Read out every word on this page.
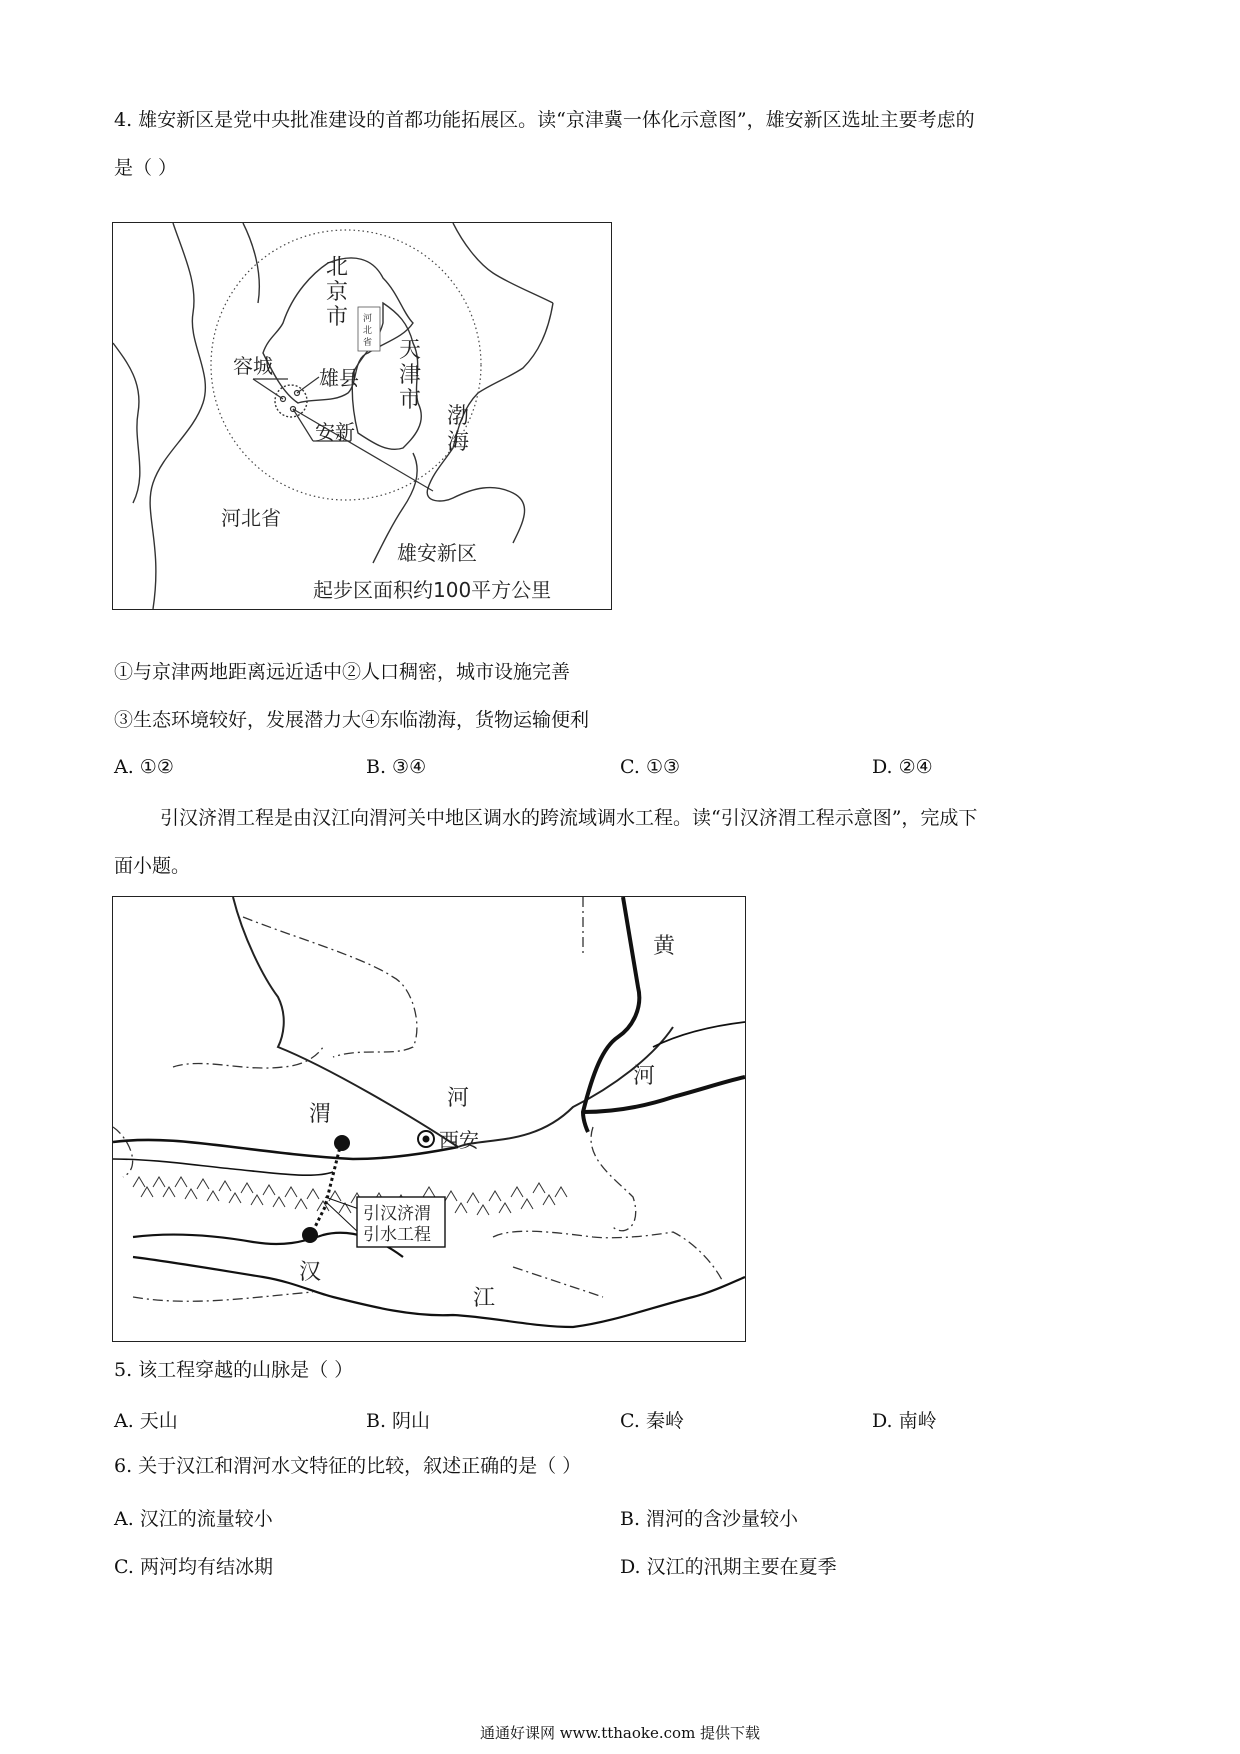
4. 雄安新区是党中央批准建设的首都功能拓展区。读“京津冀一体化示意图”，雄安新区选址主要考虑的
是（ ）
北
京
市
天
津
市
河
北
省
容城 雄县
安新
渤
海
河北省
雄安新区
起步区面积约100平方公里
①与京津两地距离远近适中②人口稠密，城市设施完善
③生态环境较好，发展潜力大④东临渤海，货物运输便利
A. ①②	B. ③④	C. ①③	D. ②④
引汉济渭工程是由汉江向渭河关中地区调水的跨流域调水工程。读“引汉济渭工程示意图”，完成下
面小题。
引汉济渭
引水工程
黄
河
渭
河
西安
汉
江
5. 该工程穿越的山脉是（ ）
A. 天山	B. 阴山	C. 秦岭	D. 南岭
6. 关于汉江和渭河水文特征的比较，叙述正确的是（ ）
A. 汉江的流量较小	B. 渭河的含沙量较小
C. 两河均有结冰期	D. 汉江的汛期主要在夏季
通通好课网 www.tthaoke.com 提供下载
